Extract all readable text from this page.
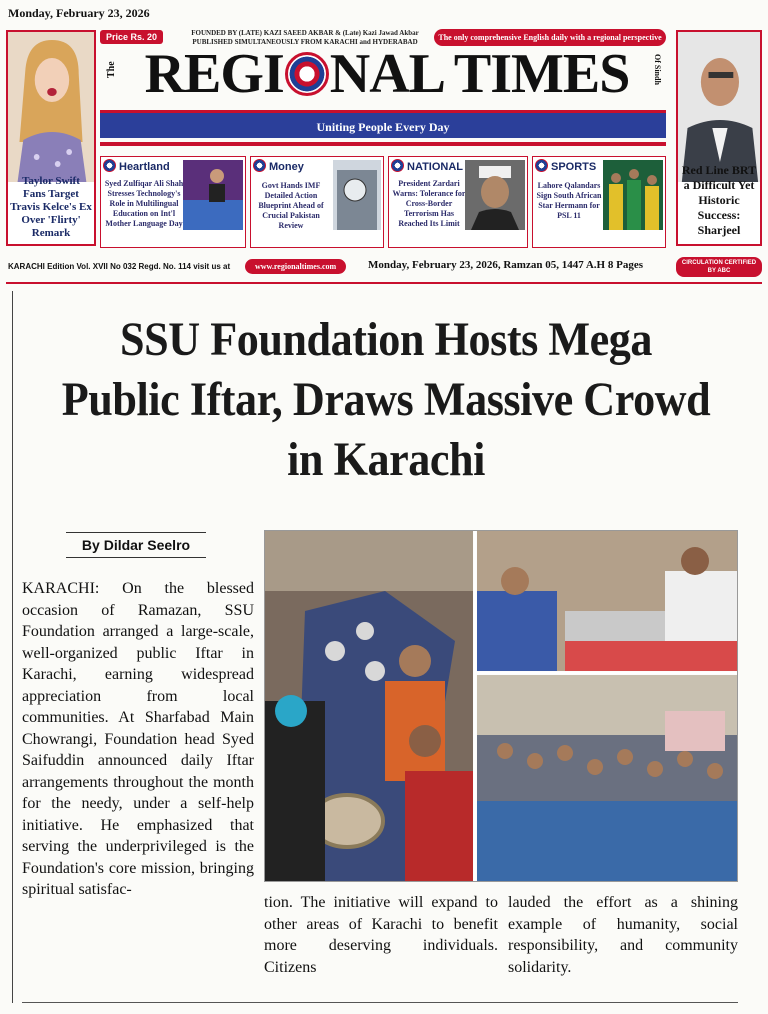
Monday, February 23, 2026
Taylor Swift Fans Target Travis Kelce's Ex Over 'Flirty' Remark
Price Rs. 20	FOUNDED BY (LATE) KAZI SAEED AKBAR & (Late) Kazi Jawad Akbar
PUBLISHED SIMULTANEOUSLY FROM KARACHI and HYDERABAD	The only comprehensive English daily with a regional perspective
The REGI NAL TIMES	Of Sindh
Uniting People Every Day
Heartland
Syed Zulfiqar Ali Shah Stresses Technology's Role in Multilingual Education on Int'l Mother Language Day
Money
Govt Hands IMF Detailed Action Blueprint Ahead of Crucial Pakistan Review
NATIONAL
President Zardari Warns: Tolerance for Cross-Border Terrorism Has Reached Its Limit
SPORTS
Lahore Qalandars Sign South African Star Hermann for PSL 11
Red Line BRT a Difficult Yet Historic Success: Sharjeel
KARACHI Edition Vol. XVII No 032 Regd. No. 114 visit us at	www.regionaltimes.com	Monday, February 23, 2026, Ramzan 05, 1447 A.H 8 Pages	CIRCULATION CERTIFIED BY ABC
SSU Foundation Hosts Mega Public Iftar, Draws Massive Crowd in Karachi
By Dildar Seelro

KARACHI: On the blessed occasion of Ramazan, SSU Foundation arranged a large-scale, well-organized public Iftar in Karachi, earning widespread appreciation from local communities. At Sharfabad Main Chowrangi, Foundation head Syed Saifuddin announced daily Iftar arrangements throughout the month for the needy, under a self-help initiative. He emphasized that serving the underprivileged is the Foundation's core mission, bringing spiritual satisfac-

tion. The initiative will expand to other areas of Karachi to benefit more deserving individuals. Citizens

lauded the effort as a shining example of humanity, social responsibility, and community solidarity.
